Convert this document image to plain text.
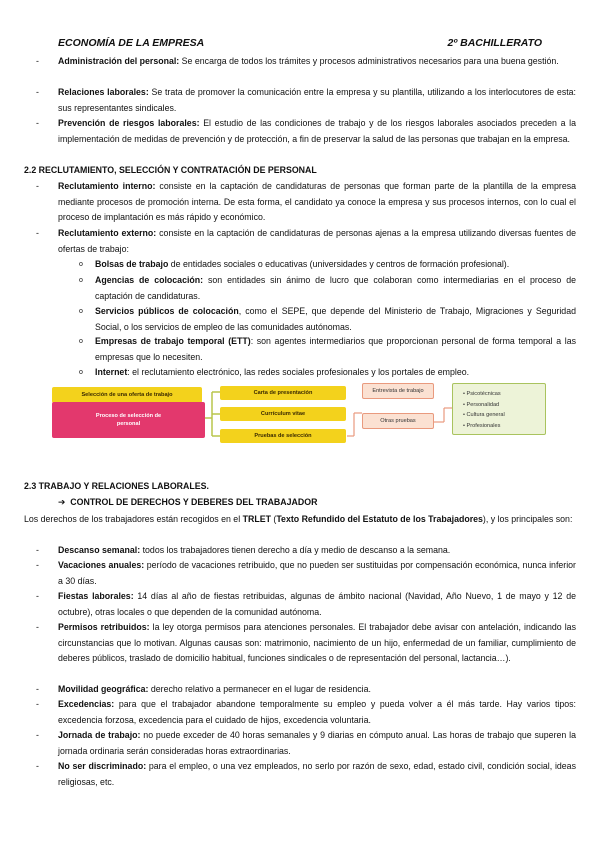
ECONOMÍA DE LA EMPRESA	2º BACHILLERATO
-	Administración del personal: Se encarga de todos los trámites y procesos administrativos necesarios para una buena gestión.
-	Relaciones laborales: Se trata de promover la comunicación entre la empresa y su plantilla, utilizando a los interlocutores de esta: sus representantes sindicales.
-	Prevención de riesgos laborales: El estudio de las condiciones de trabajo y de los riesgos laborales asociados preceden a la implementación de medidas de prevención y de protección, a fin de preservar la salud de las personas que trabajan en la empresa.
2.2 RECLUTAMIENTO, SELECCIÓN Y CONTRATACIÓN DE PERSONAL
-	Reclutamiento interno: consiste en la captación de candidaturas de personas que forman parte de la plantilla de la empresa mediante procesos de promoción interna. De esta forma, el candidato ya conoce la empresa y sus procesos internos, con lo cual el proceso de implantación es más rápido y económico.
-	Reclutamiento externo: consiste en la captación de candidaturas de personas ajenas a la empresa utilizando diversas fuentes de ofertas de trabajo:
o	Bolsas de trabajo de entidades sociales o educativas (universidades y centros de formación profesional).
o	Agencias de colocación: son entidades sin ánimo de lucro que colaboran como intermediarias en el proceso de captación de candidaturas.
o	Servicios públicos de colocación, como el SEPE, que depende del Ministerio de Trabajo, Migraciones y Seguridad Social, o los servicios de empleo de las comunidades autónomas.
o	Empresas de trabajo temporal (ETT): son agentes intermediarios que proporcionan personal de forma temporal a las empresas que lo necesiten.
o	Internet: el reclutamiento electrónico, las redes sociales profesionales y los portales de empleo.
Selección de una oferta de trabajo
Proceso de selección de personal
Carta de presentación
Currículum vitae
Pruebas de selección
Entrevista de trabajo
Otras pruebas
• Psicotécnicas
• Personalidad
• Cultura general
• Profesionales
2.3 TRABAJO Y RELACIONES LABORALES.
➔ CONTROL DE DERECHOS Y DEBERES DEL TRABAJADOR
Los derechos de los trabajadores están recogidos en el TRLET (Texto Refundido del Estatuto de los Trabajadores), y los principales son:
-	Descanso semanal: todos los trabajadores tienen derecho a día y medio de descanso a la semana.
-	Vacaciones anuales: período de vacaciones retribuido, que no pueden ser sustituidas por compensación económica, nunca inferior a 30 días.
-	Fiestas laborales: 14 días al año de fiestas retribuidas, algunas de ámbito nacional (Navidad, Año Nuevo, 1 de mayo y 12 de octubre), otras locales o que dependen de la comunidad autónoma.
-	Permisos retribuidos: la ley otorga permisos para atenciones personales. El trabajador debe avisar con antelación, indicando las circunstancias que lo motivan. Algunas causas son: matrimonio, nacimiento de un hijo, enfermedad de un familiar, cumplimiento de deberes públicos, traslado de domicilio habitual, funciones sindicales o de representación del personal, lactancia…).
-	Movilidad geográfica: derecho relativo a permanecer en el lugar de residencia.
-	Excedencias: para que el trabajador abandone temporalmente su empleo y pueda volver a él más tarde. Hay varios tipos: excedencia forzosa, excedencia para el cuidado de hijos, excedencia voluntaria.
-	Jornada de trabajo: no puede exceder de 40 horas semanales y 9 diarias en cómputo anual. Las horas de trabajo que superen la jornada ordinaria serán consideradas horas extraordinarias.
-	No ser discriminado: para el empleo, o una vez empleados, no serlo por razón de sexo, edad, estado civil, condición social, ideas religiosas, etc.
